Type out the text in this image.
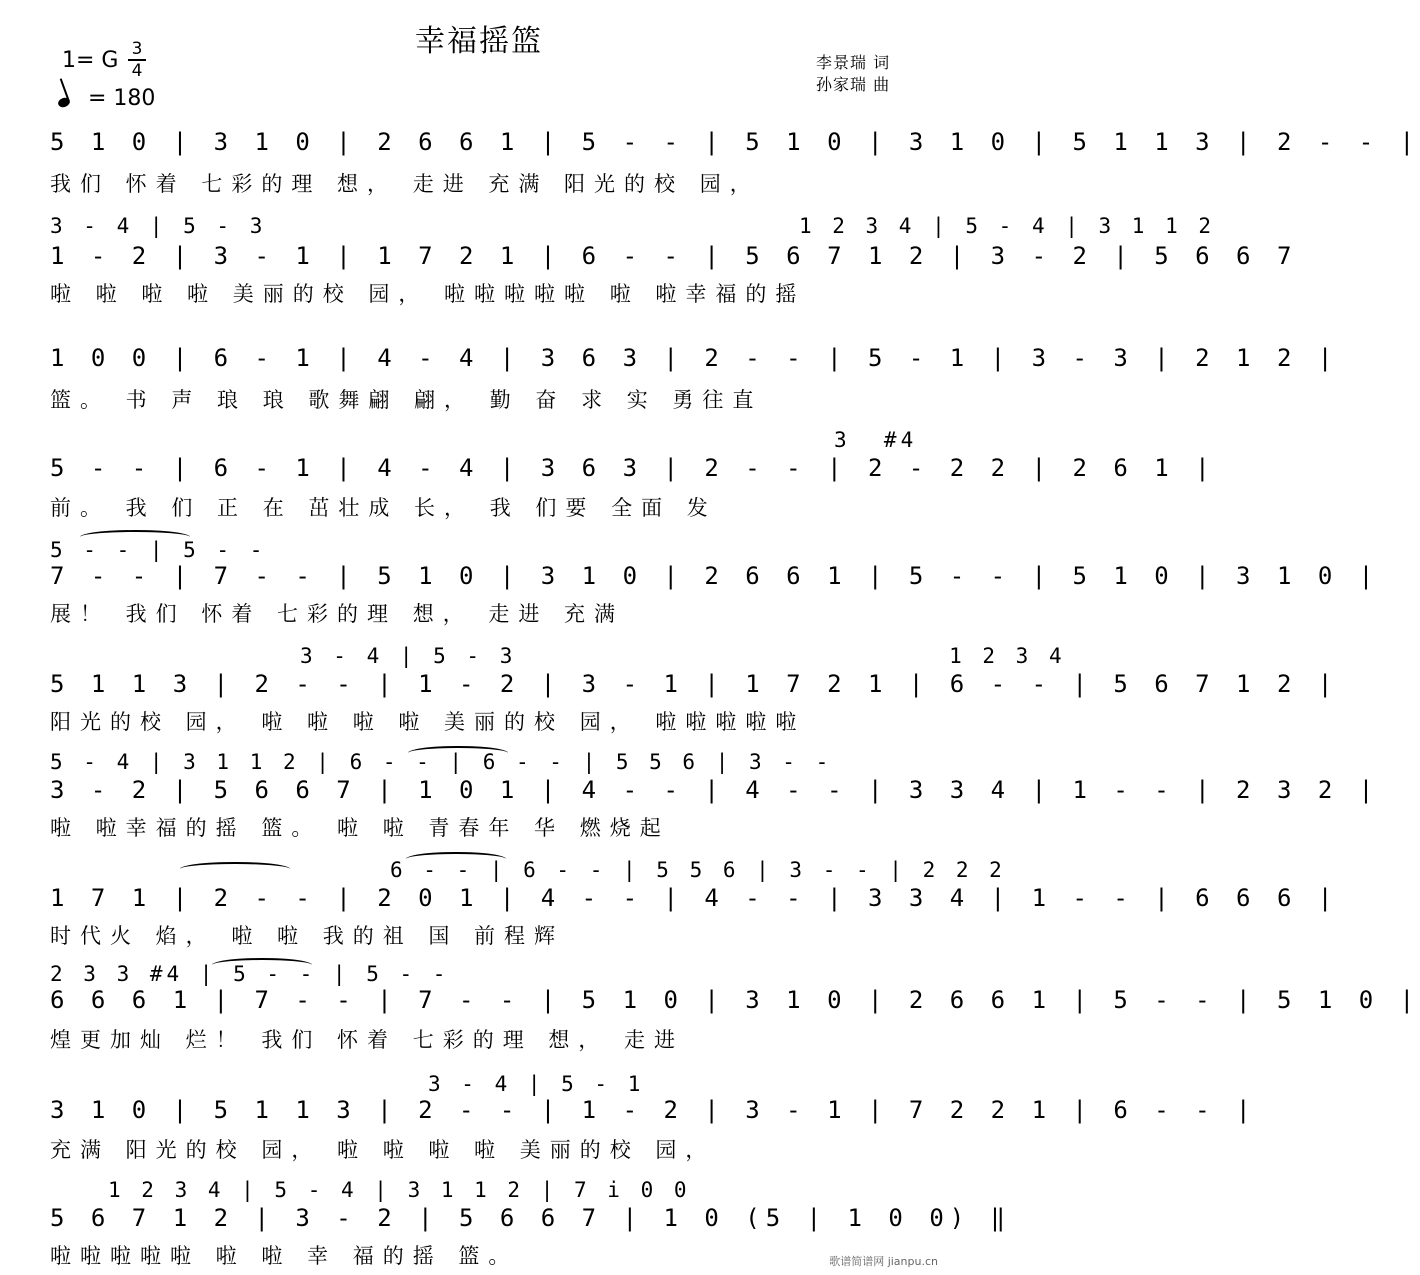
幸福摇篮
1= G 3
4
= 180
李景瑞 词
孙家瑞 曲
5 1 0 | 3 1 0 | 2 6 6 1 | 5 - - | 5 1 0 | 3 1 0 | 5 1 1 3 | 2 - - |
我们 怀着 七彩的理 想， 走进 充满 阳光的校 园，
3 - 4 | 5 - 3                                1 2 3 4 | 5 - 4 | 3 1 1 2
1 - 2 | 3 - 1 | 1 7 2 1 | 6 - - | 5 6 7 1 2 | 3 - 2 | 5 6 6 7
啦 啦 啦 啦 美丽的校 园， 啦啦啦啦啦 啦 啦幸福的摇
1 0 0 | 6 - 1 | 4 - 4 | 3 6 3 | 2 - - | 5 - 1 | 3 - 3 | 2 1 2 |
篮。 书 声 琅 琅 歌舞翩 翩， 勤 奋 求 实 勇往直
3  #4
5 - - | 6 - 1 | 4 - 4 | 3 6 3 | 2 - - | 2 - 2 2 | 2 6 1 |
前。 我 们 正 在 茁壮成 长， 我 们要 全面 发
5 - - | 5 - -
7 - - | 7 - - | 5 1 0 | 3 1 0 | 2 6 6 1 | 5 - - | 5 1 0 | 3 1 0 |
展！ 我们 怀着 七彩的理 想， 走进 充满
3 - 4 | 5 - 3                          1 2 3 4
5 1 1 3 | 2 - - | 1 - 2 | 3 - 1 | 1 7 2 1 | 6 - - | 5 6 7 1 2 |
阳光的校 园， 啦 啦 啦 啦 美丽的校 园， 啦啦啦啦啦
5 - 4 | 3 1 1 2 | 6 - - | 6 - - | 5 5 6 | 3 - -
3 - 2 | 5 6 6 7 | 1 0 1 | 4 - - | 4 - - | 3 3 4 | 1 - - | 2 3 2 |
啦 啦幸福的摇 篮。 啦 啦 青春年 华 燃烧起
6 - - | 6 - - | 5 5 6 | 3 - - | 2 2 2
1 7 1 | 2 - - | 2 0 1 | 4 - - | 4 - - | 3 3 4 | 1 - - | 6 6 6 |
时代火 焰， 啦 啦 我的祖 国 前程辉
2 3 3 #4 | 5 - - | 5 - -
6 6 6 1 | 7 - - | 7 - - | 5 1 0 | 3 1 0 | 2 6 6 1 | 5 - - | 5 1 0 |
煌更加灿 烂！ 我们 怀着 七彩的理 想， 走进
3 - 4 | 5 - 1
3 1 0 | 5 1 1 3 | 2 - - | 1 - 2 | 3 - 1 | 7 2 2 1 | 6 - - |
充满 阳光的校 园， 啦 啦 啦 啦 美丽的校 园，
1 2 3 4 | 5 - 4 | 3 1 1 2 | 7 i 0 0
5 6 7 1 2 | 3 - 2 | 5 6 6 7 | 1 0 (5 | 1 0 0) ‖
啦啦啦啦啦 啦 啦 幸 福的摇 篮。	歌谱简谱网 jianpu.cn
